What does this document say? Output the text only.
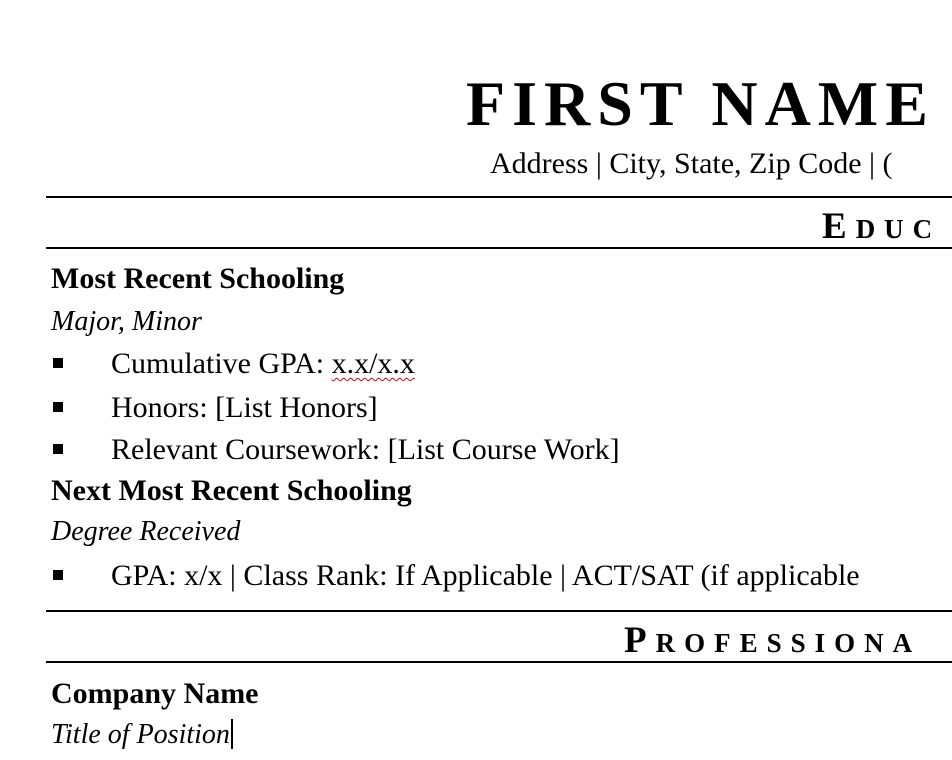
FIRST NAME
Address | City, State, Zip Code | (
EDUC
Most Recent Schooling
Major, Minor
Cumulative GPA: x.x/x.x
Honors: [List Honors]
Relevant Coursework: [List Course Work]
Next Most Recent Schooling
Degree Received
GPA: x/x | Class Rank: If Applicable | ACT/SAT (if applicable
PROFESSIONA
Company Name
Title of Position
